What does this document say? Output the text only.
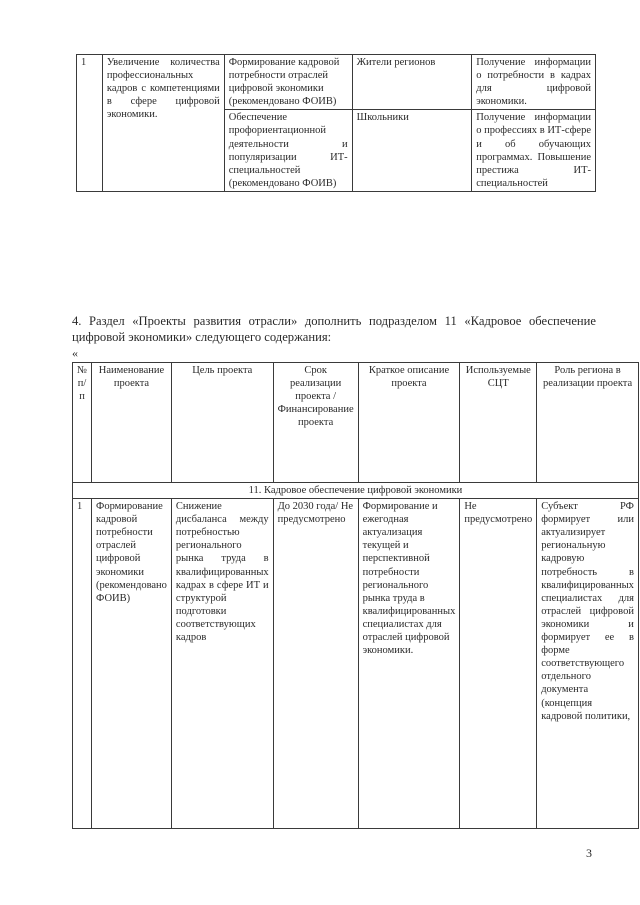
1	Увеличение количества профессиональных кадров с компетенциями в сфере цифровой экономики.	Формирование кадровой потребности отраслей цифровой экономики (рекомендовано ФОИВ)	Жители регионов	Получение информации о потребности в кадрах для цифровой экономики.
		Обеспечение профориентационной деятельности и популяризации ИТ-специальностей (рекомендовано ФОИВ)	Школьники	Получение информации о профессиях в ИТ-сфере и об обучающих программах. Повышение престижа ИТ-специальностей
4. Раздел «Проекты развития отрасли» дополнить подразделом 11 «Кадровое обеспечение цифровой экономики» следующего содержания:
«
№ п/п	Наименование проекта	Цель проекта	Срок реализации проекта / Финансирование проекта	Краткое описание проекта	Используемые СЦТ	Роль региона в реализации проекта
11. Кадровое обеспечение цифровой экономики						
1	Формирование кадровой потребности отраслей цифровой экономики (рекомендовано ФОИВ)	Снижение дисбаланса между потребностью регионального рынка труда в квалифицированных кадрах в сфере ИТ и структурой подготовки соответствующих кадров	До 2030 года/ Не предусмотрено	Формирование и ежегодная актуализация текущей и перспективной потребности регионального рынка труда в квалифицированных специалистах для отраслей цифровой экономики.	Не предусмотрено	Субъект РФ формирует или актуализирует региональную кадровую потребность в квалифицированных специалистах для отраслей цифровой экономики и формирует ее в форме соответствующего отдельного документа (концепция кадровой политики,
3
